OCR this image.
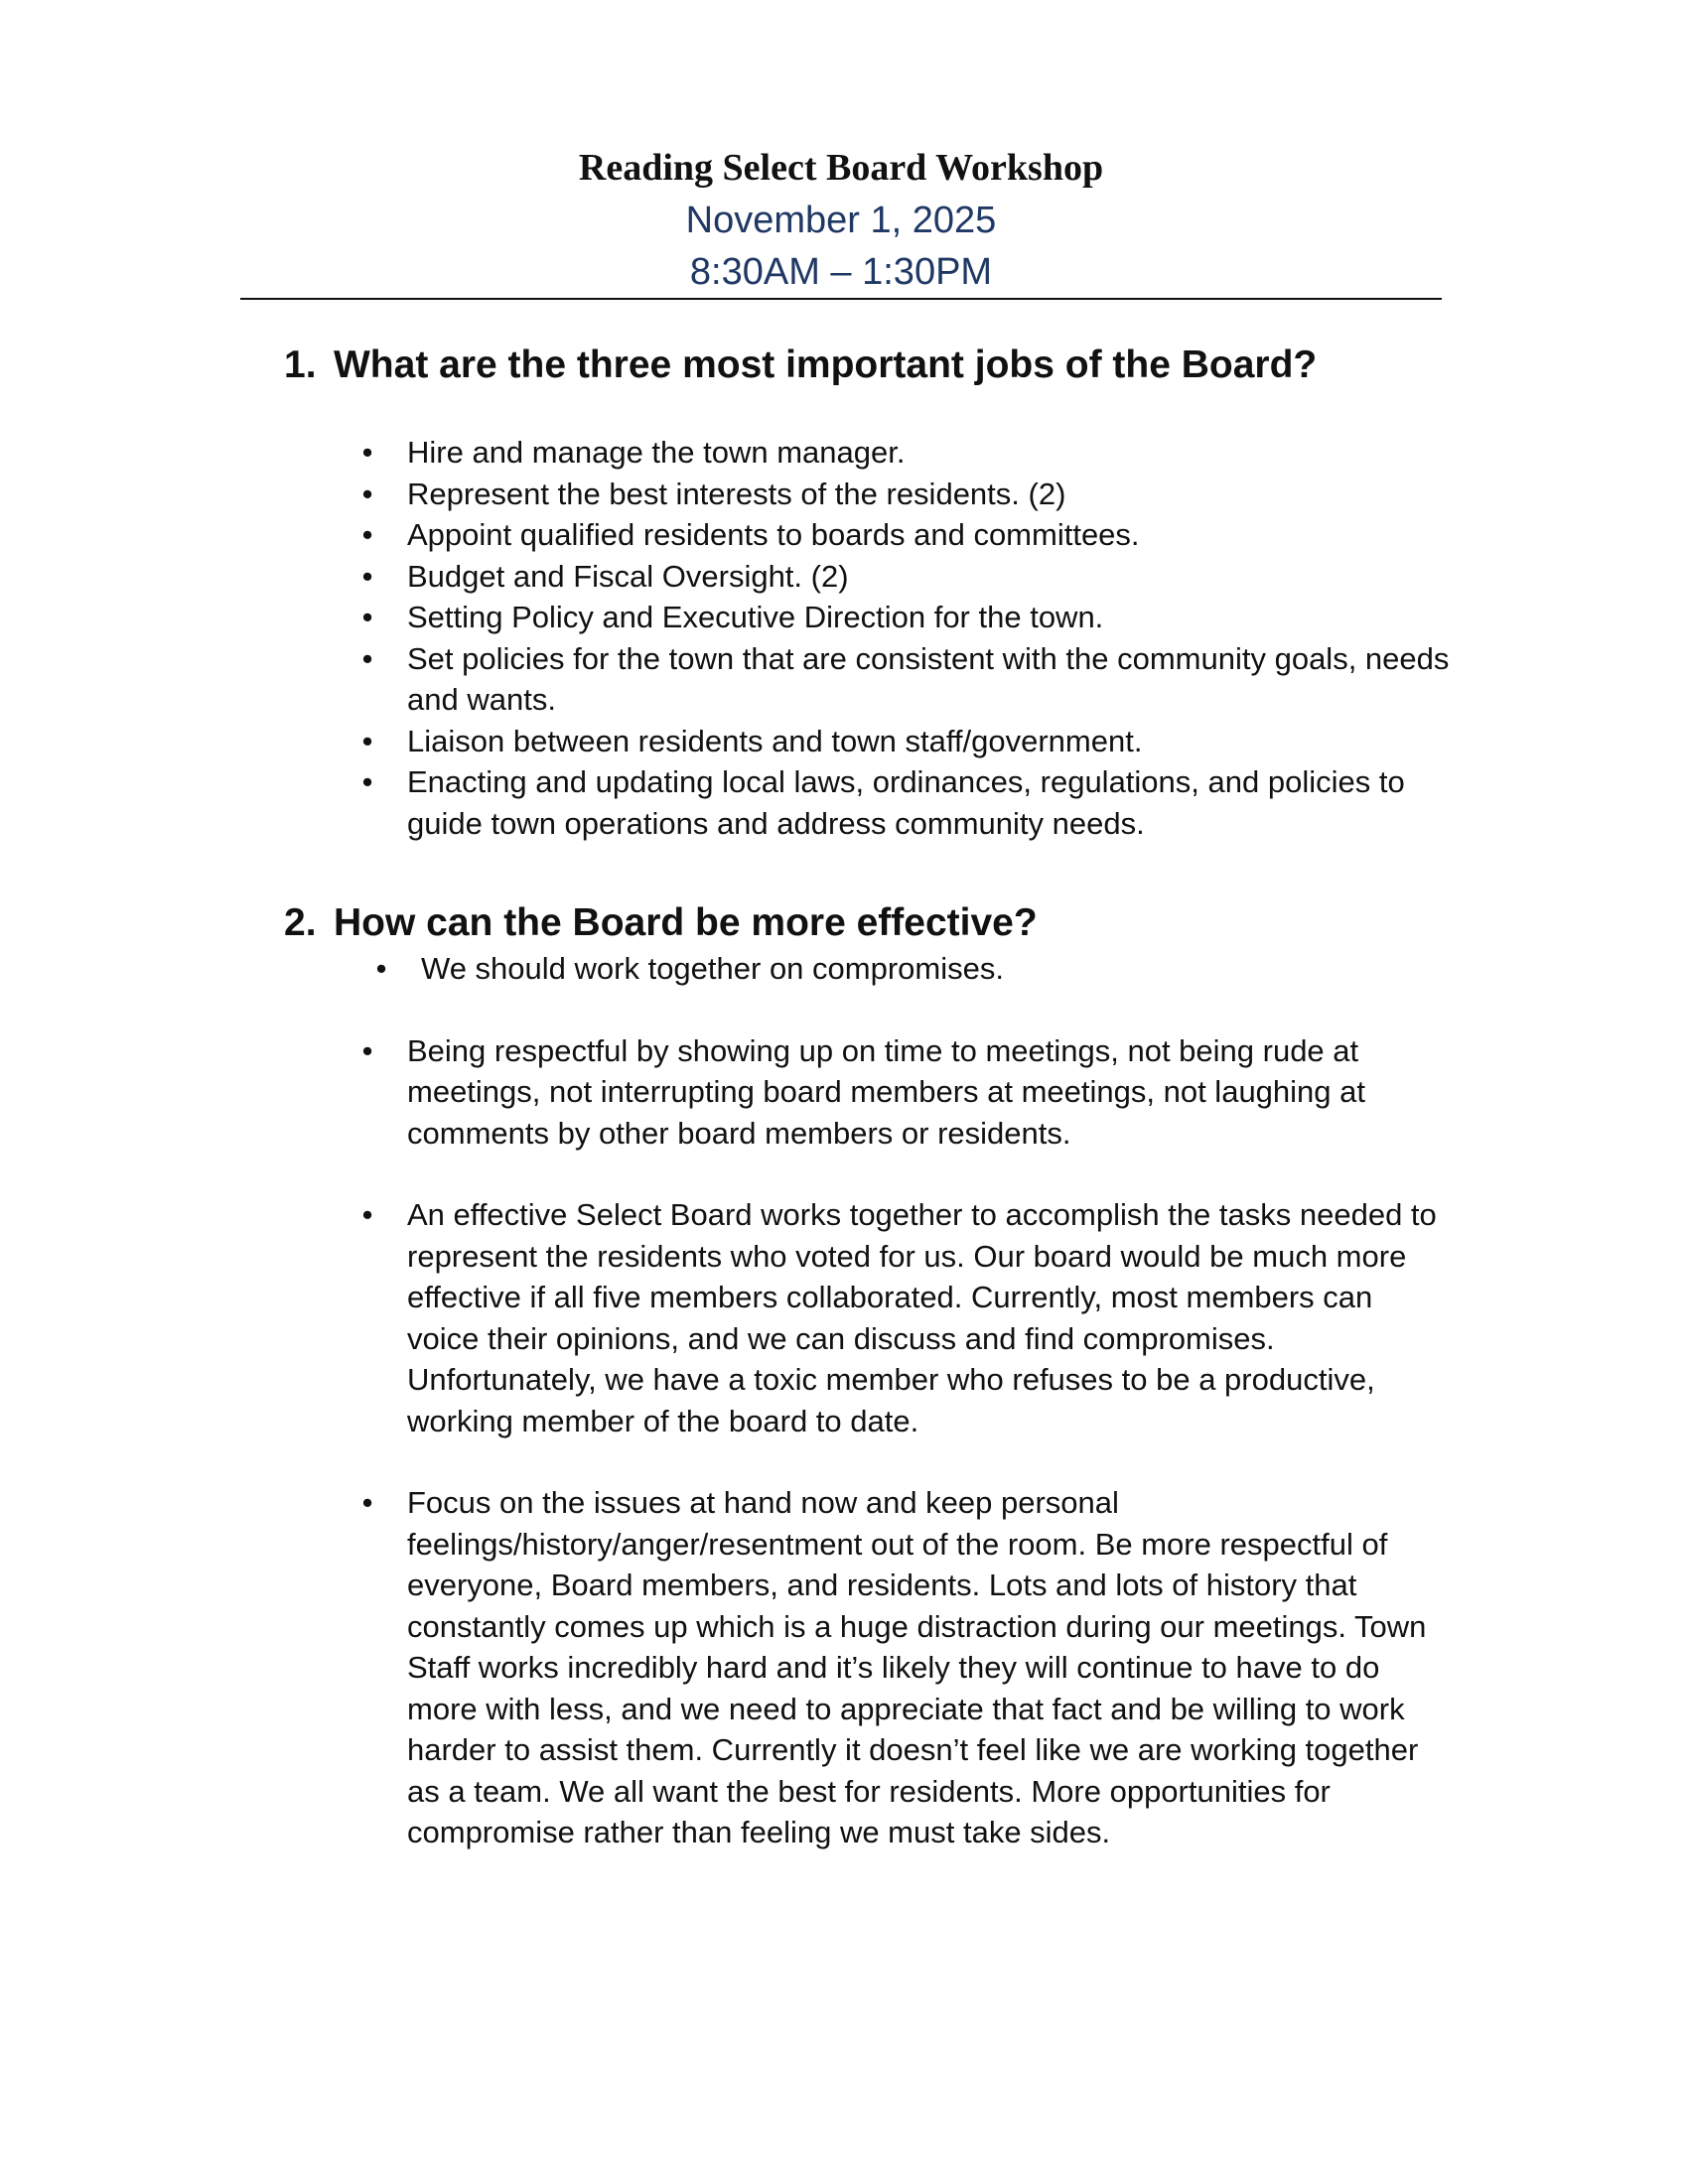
Reading Select Board Workshop

November 1, 2025

8:30AM – 1:30PM

1. What are the three most important jobs of the Board?
• Hire and manage the town manager.
• Represent the best interests of the residents. (2)
• Appoint qualified residents to boards and committees.
• Budget and Fiscal Oversight. (2)
• Setting Policy and Executive Direction for the town.
• Set policies for the town that are consistent with the community goals, needs and wants.
• Liaison between residents and town staff/government.
• Enacting and updating local laws, ordinances, regulations, and policies to guide town operations and address community needs.
2. How can the Board be more effective?
• We should work together on compromises.
• Being respectful by showing up on time to meetings, not being rude at meetings, not interrupting board members at meetings, not laughing at comments by other board members or residents.
• An effective Select Board works together to accomplish the tasks needed to represent the residents who voted for us. Our board would be much more effective if all five members collaborated. Currently, most members can voice their opinions, and we can discuss and find compromises. Unfortunately, we have a toxic member who refuses to be a productive, working member of the board to date.
• Focus on the issues at hand now and keep personal feelings/history/anger/resentment out of the room. Be more respectful of everyone, Board members, and residents. Lots and lots of history that constantly comes up which is a huge distraction during our meetings. Town Staff works incredibly hard and it’s likely they will continue to have to do more with less, and we need to appreciate that fact and be willing to work harder to assist them. Currently it doesn’t feel like we are working together as a team. We all want the best for residents. More opportunities for compromise rather than feeling we must take sides.
